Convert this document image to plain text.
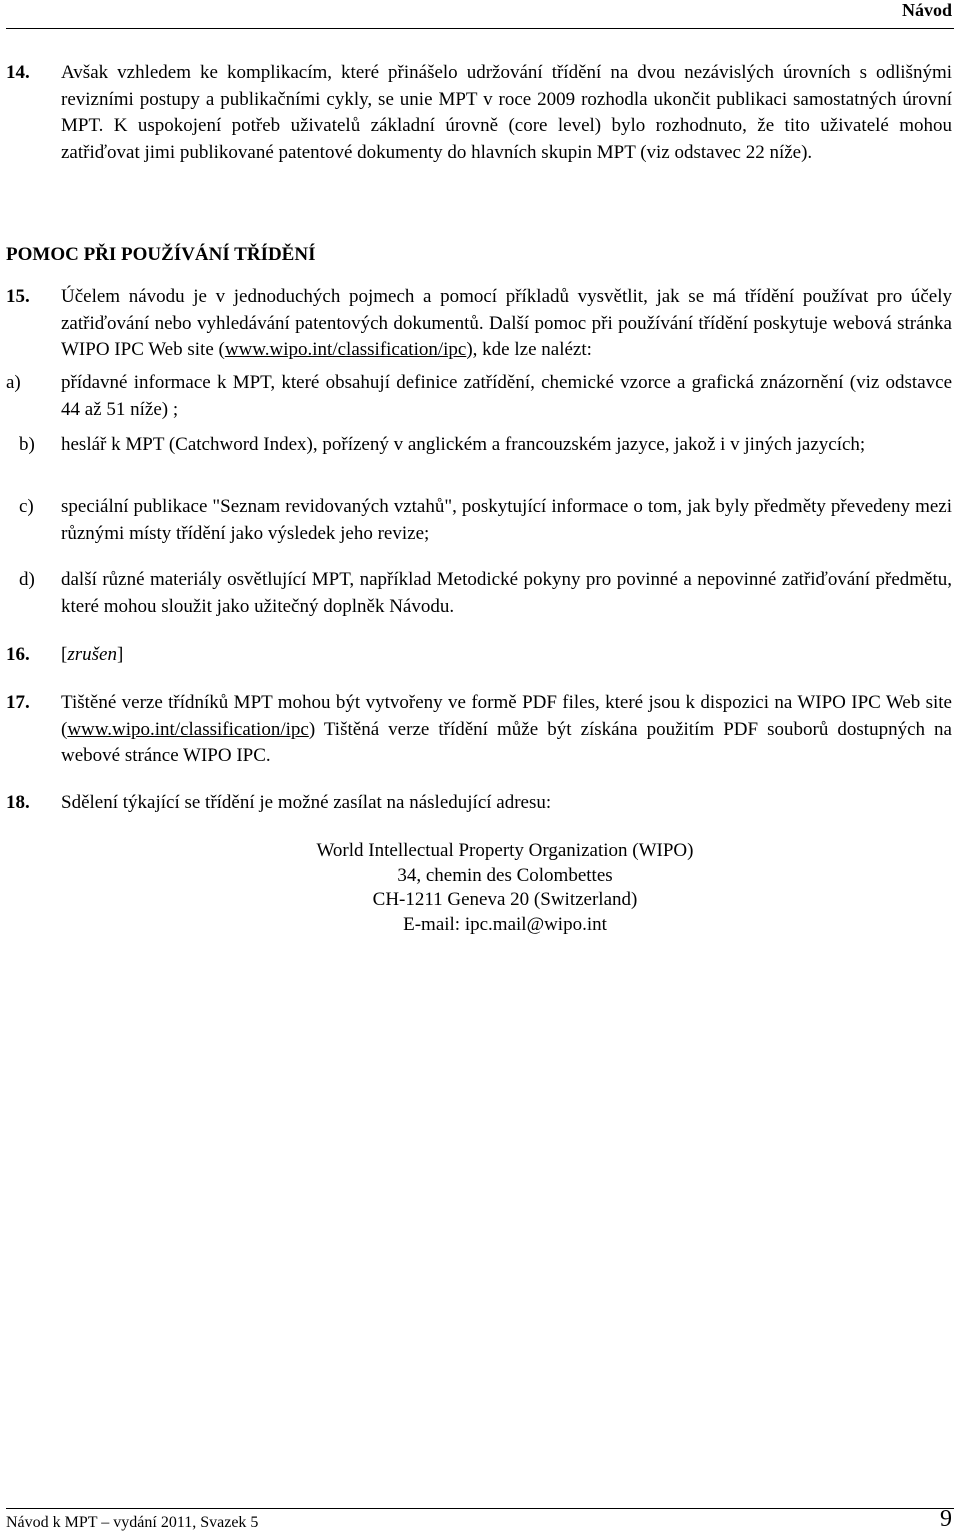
Návod
14. Avšak vzhledem ke komplikacím, které přinášelo udržování třídění na dvou nezávislých úrovních s odlišnými revizními postupy a publikačními cykly, se unie MPT v roce 2009 rozhodla ukončit publikaci samostatných úrovní MPT. K uspokojení potřeb uživatelů základní úrovně (core level) bylo rozhodnuto, že tito uživatelé mohou zatřiďovat jimi publikované patentové dokumenty do hlavních skupin MPT (viz odstavec 22 níže).
POMOC PŘI POUŽÍVÁNÍ TŘÍDĚNÍ
15. Účelem návodu je v jednoduchých pojmech a pomocí příkladů vysvětlit, jak se má třídění používat pro účely zatřiďování nebo vyhledávání patentových dokumentů. Další pomoc při používání třídění poskytuje webová stránka WIPO IPC Web site (www.wipo.int/classification/ipc), kde lze nalézt:
a) přídavné informace k MPT, které obsahují definice zatřídění, chemické vzorce a grafická znázornění (viz odstavce 44 až 51 níže) ;
b) heslář k MPT (Catchword Index), pořízený v anglickém a francouzském jazyce, jakož i v jiných jazycích;
c) speciální publikace "Seznam revidovaných vztahů", poskytující informace o tom, jak byly předměty převedeny mezi různými místy třídění jako výsledek jeho revize;
d) další různé materiály osvětlující MPT, například Metodické pokyny pro povinné a nepovinné zatřiďování předmětu, které mohou sloužit jako užitečný doplněk Návodu.
16. [zrušen]
17. Tištěné verze třídníků MPT mohou být vytvořeny ve formě PDF files, které jsou k dispozici na WIPO IPC Web site (www.wipo.int/classification/ipc) Tištěná verze třídění může být získána použitím PDF souborů dostupných na webové stránce WIPO IPC.
18. Sdělení týkající se třídění je možné zasílat na následující adresu:
World Intellectual Property Organization (WIPO)
34, chemin des Colombettes
CH-1211 Geneva 20 (Switzerland)
E-mail: ipc.mail@wipo.int
Návod k MPT – vydání 2011, Svazek 5	9
